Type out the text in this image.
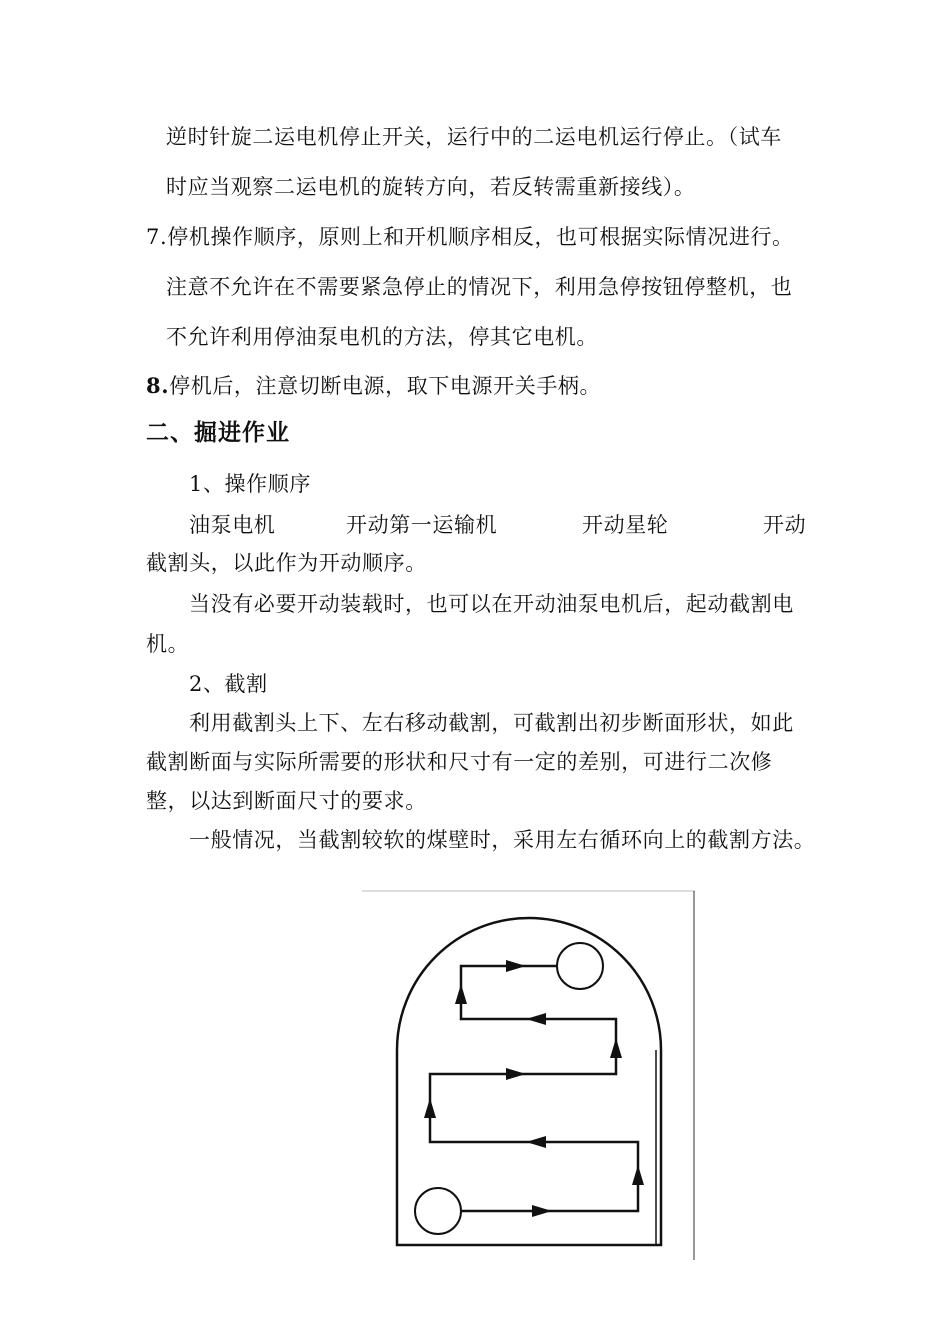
逆时针旋二运电机停止开关，运行中的二运电机运行停止。（试车
时应当观察二运电机的旋转方向，若反转需重新接线）。
7.停机操作顺序，原则上和开机顺序相反，也可根据实际情况进行。
注意不允许在不需要紧急停止的情况下，利用急停按钮停整机，也
不允许利用停油泵电机的方法，停其它电机。
8.停机后，注意切断电源，取下电源开关手柄。
二、掘进作业
1、操作顺序
油泵电机	开动第一运输机	开动星轮	开动
截割头，以此作为开动顺序。
当没有必要开动装载时，也可以在开动油泵电机后，起动截割电
机。
2、截割
利用截割头上下、左右移动截割，可截割出初步断面形状，如此
截割断面与实际所需要的形状和尺寸有一定的差别，可进行二次修
整，以达到断面尺寸的要求。
一般情况，当截割较软的煤壁时，采用左右循环向上的截割方法。
